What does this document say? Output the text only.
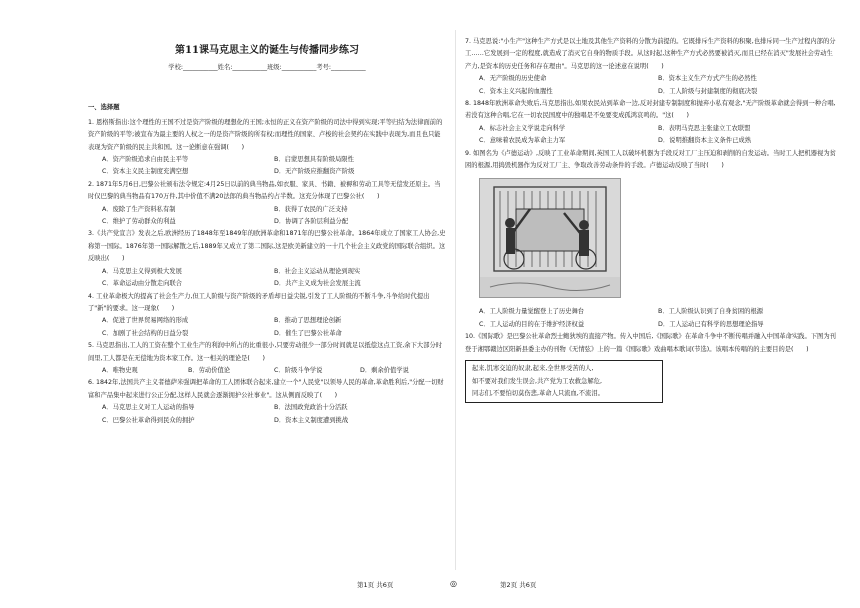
第11课马克思主义的诞生与传播同步练习
学校:___________姓名:___________班级:___________考号:___________
一、选择题

1. 恩格斯指出:这个理性的王国不过是资产阶级的理想化的王国;永恒的正义在资产阶级的司法中得到实现;平等归结为法律面前的资产阶级的平等;被宣布为最主要的人权之一的是资产阶级的所有权;而理性的国家、卢梭的社会契约在实践中表现为,而且也只能表现为资产阶级的民主共和国。这一论断意在强调(　　)

A．资产阶级追求自由民主平等	B．启蒙思想具有阶级局限性
C．资本主义民主制度充满空想	D．无产阶级应推翻资产阶级

2. 1871年5月6日,巴黎公社颁布法令规定:4月25日以前的典当物品,如衣服、家具、书籍、被褥和劳动工具等无偿发还原主。当时仅巴黎的典当物品有170万件,其中价值不满20法郎的典当物品约占半数。这充分体现了巴黎公社(　　)

A．废除了生产资料私有制	B．获得了农民的广泛支持
C．维护了劳动群众的利益	D．协调了各阶层利益分配

3.《共产党宣言》发表之后,欧洲经历了1848年至1849年的欧洲革命和1871年的巴黎公社革命。1864年成立了国家工人协会,史称第一国际。1876年第一国际解散之后,1889年又成立了第二国际,这是欧美新建立的一十几个社会主义政党的国际联合组织。这反映出(　　)

A．马克思主义得到极大发展	B．社会主义运动从理论到现实
C．革命运动由分散走向联合	D．共产主义成为社会发展主流

4. 工业革命极大的提高了社会生产力,但工人阶级与资产阶级的矛盾却日益尖锐,引发了工人阶级的不断斗争,斗争给时代提出了"新"的要求。这一现象(　　)

A．促进了世界贸易网络的形成	B．推动了思想理论创新
C．加剧了社会结构的日益分裂	D．催生了巴黎公社革命

5. 马克思指出,工人的工资在整个工业生产的利润中所占的比重很小,只要劳动很少一部分时间就足以抵偿这点工资,余下大部分时间里,工人都是在无偿地为资本家工作。这一相关的理论是(　　)

A．唯物史观	B．劳动价值论	C．阶级斗争学说	D．剩余价值学说

6. 1842年,法国共产主义者德萨米强调把革命的工人团体联合起来,建立一个"人民党"以领导人民的革命,革命胜利后,"分配一切财富和产品集中起来进行公正分配,这样人民就会逐渐拥护公社事业"。这从侧面反映了(　　)

A．马克思主义对工人运动的指导	B．法国政党政治十分活跃
C．巴黎公社革命得到民众的拥护	D．资本主义制度遭到挑战

7. 马克思说:"小生产"这种生产方式是以土地及其他生产资料的分散为前提的。它既排斥生产资料的积聚,也排斥同一生产过程内部的分工……它发展到一定的程度,就造成了消灭它自身的物质手段。从这时起,这种生产方式必然要被消灭,而且已经在消灭"发展社会劳动生产力,是资本的历史任务和存在理由"。马克思的这一论述意在说明(　　)

A．无产阶级的历史使命	B．资本主义生产方式产生的必然性
C．资本主义兴起的血腥性	D．工人阶级与封建制度的彻底决裂

8. 1848年欧洲革命失败后,马克思指出,如果农民站到革命一边,反对封建专制制度和抛弃小私有观念,"无产阶级革命就会得到一种合唱,若没有这种合唱,它在一切农民国度中的独唱是不免要变成孤鸿哀鸣的。"这(　　)

A．标志社会主义学说走向科学	B．表明马克思主张建立工农联盟
C．意味着农民成为革命主力军	D．说明推翻资本主义条件已成熟

9. 如图名为《卢德运动》,反映了工业革命期间,英国工人以破坏机器为手段反对工厂主压迫和剥削的自发运动。当时工人把机器视为贫困的根源,用捣毁机器作为反对工厂主、争取改善劳动条件的手段。卢德运动反映了当时(　　)

A．工人阶级力量觉醒登上了历史舞台	B．工人阶级认识到了自身贫困的根源
C．工人运动的目的在于维护经济权益	D．工人运动已有科学的思想理论指导

10.《国际歌》是巴黎公社革命烈士鲍狄埃的直接产物。传入中国后,《国际歌》在革命斗争中不断传唱并融入中国革命实践。下图为刊登于湘鄂赣边区阳新县委主办的刊物《无情弦》上的一篇《国际歌》戏曲唱本歌词(节选)。该唱本传唱的的主要目的是(　　)

起来,饥寒交迫的奴隶,起来,全世界受苦的人,
如不要对我们发生误会,共产党为工农救急解危,
同志们,不要怕切莫伤悲,革命人只流血,不流泪。
第1页 共6页	◎	第2页 共6页
